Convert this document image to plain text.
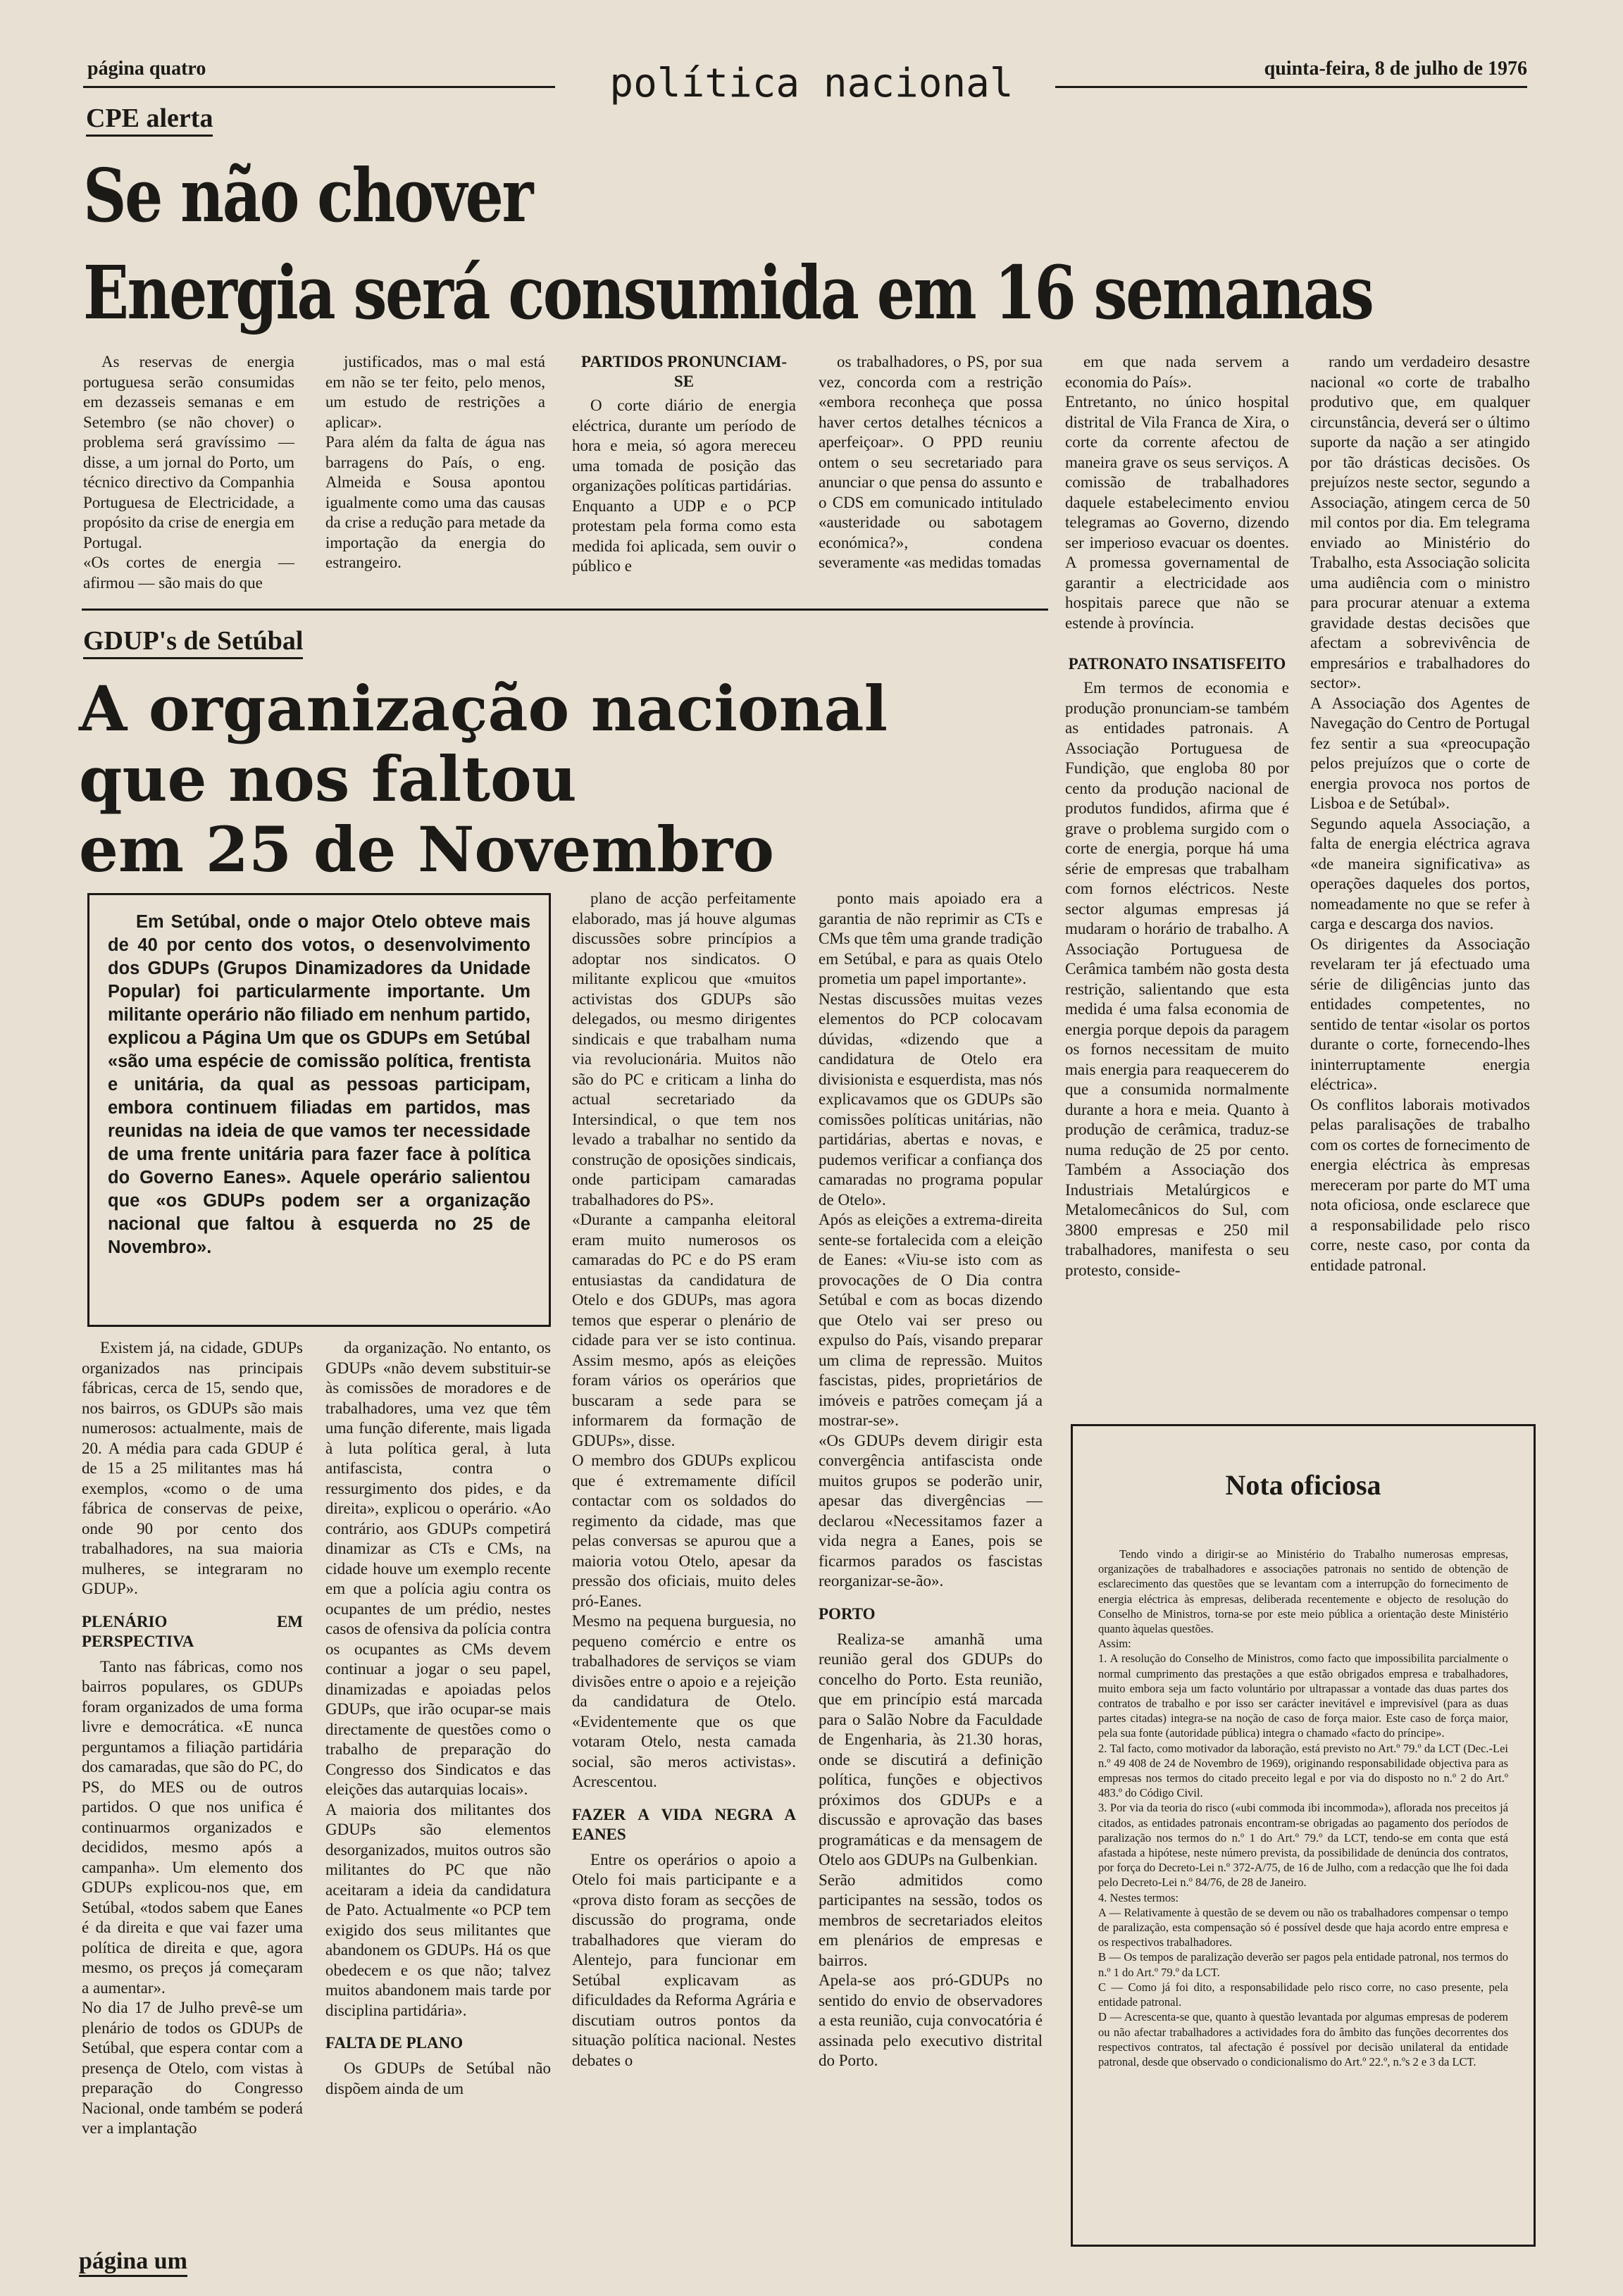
página quatro	política nacional	quinta-feira, 8 de julho de 1976
CPE alerta
Se não chover
Energia será consumida em 16 semanas

As reservas de energia portuguesa serão consumidas em dezasseis semanas e em Setembro (se não chover) o problema será gravíssimo — disse, a um jornal do Porto, um técnico directivo da Companhia Portuguesa de Electricidade, a propósito da crise de energia em Portugal.
«Os cortes de energia — afirmou — são mais do que

justificados, mas o mal está em não se ter feito, pelo menos, um estudo de restrições a aplicar».
Para além da falta de água nas barragens do País, o eng. Almeida e Sousa apontou igualmente como uma das causas da crise a redução para metade da importação da energia do estrangeiro.

PARTIDOS PRONUNCIAM-SE

O corte diário de energia eléctrica, durante um período de hora e meia, só agora mereceu uma tomada de posição das organizações políticas partidárias.
Enquanto a UDP e o PCP protestam pela forma como esta medida foi aplicada, sem ouvir o público e

os trabalhadores, o PS, por sua vez, concorda com a restrição «embora reconheça que possa haver certos detalhes técnicos a aperfeiçoar». O PPD reuniu ontem o seu secretariado para anunciar o que pensa do assunto e o CDS em comunicado intitulado «austeridade ou sabotagem económica?», condena severamente «as medidas tomadas

em que nada servem a economia do País».
Entretanto, no único hospital distrital de Vila Franca de Xira, o corte da corrente afectou de maneira grave os seus serviços. A comissão de trabalhadores daquele estabelecimento enviou telegramas ao Governo, dizendo ser imperioso evacuar os doentes. A promessa governamental de garantir a electricidade aos hospitais parece que não se estende à província.

PATRONATO INSATISFEITO

Em termos de economia e produção pronunciam-se também as entidades patronais. A Associação Portuguesa de Fundição, que engloba 80 por cento da produção nacional de produtos fundidos, afirma que é grave o problema surgido com o corte de energia, porque há uma série de empresas que trabalham com fornos eléctricos. Neste sector algumas empresas já mudaram o horário de trabalho. A Associação Portuguesa de Cerâmica também não gosta desta restrição, salientando que esta medida é uma falsa economia de energia porque depois da paragem os fornos necessitam de muito mais energia para reaquecerem do que a consumida normalmente durante a hora e meia. Quanto à produção de cerâmica, traduz-se numa redução de 25 por cento. Também a Associação dos Industriais Metalúrgicos e Metalomecânicos do Sul, com 3800 empresas e 250 mil trabalhadores, manifesta o seu protesto, conside-

rando um verdadeiro desastre nacional «o corte de trabalho produtivo que, em qualquer circunstância, deverá ser o último suporte da nação a ser atingido por tão drásticas decisões. Os prejuízos neste sector, segundo a Associação, atingem cerca de 50 mil contos por dia. Em telegrama enviado ao Ministério do Trabalho, esta Associação solicita uma audiência com o ministro para procurar atenuar a extema gravidade destas decisões que afectam a sobrevivência de empresários e trabalhadores do sector».
A Associação dos Agentes de Navegação do Centro de Portugal fez sentir a sua «preocupação pelos prejuízos que o corte de energia provoca nos portos de Lisboa e de Setúbal».
Segundo aquela Associação, a falta de energia eléctrica agrava «de maneira significativa» as operações daqueles dos portos, nomeadamente no que se refer à carga e descarga dos navios.
Os dirigentes da Associação revelaram ter já efectuado uma série de diligências junto das entidades competentes, no sentido de tentar «isolar os portos durante o corte, fornecendo-lhes ininterruptamente energia eléctrica».
Os conflitos laborais motivados pelas paralisações de trabalho com os cortes de fornecimento de energia eléctrica às empresas mereceram por parte do MT uma nota oficiosa, onde esclarece que a responsabilidade pelo risco corre, neste caso, por conta da entidade patronal.

GDUP's de Setúbal
A organização nacional
que nos faltou
em 25 de Novembro
Em Setúbal, onde o major Otelo obteve mais de 40 por cento dos votos, o desenvolvimento dos GDUPs (Grupos Dinamizadores da Unidade Popular) foi particularmente importante. Um militante operário não filiado em nenhum partido, explicou a Página Um que os GDUPs em Setúbal «são uma espécie de comissão política, frentista e unitária, da qual as pessoas participam, embora continuem filiadas em partidos, mas reunidas na ideia de que vamos ter necessidade de uma frente unitária para fazer face à política do Governo Eanes». Aquele operário salientou que «os GDUPs podem ser a organização nacional que faltou à esquerda no 25 de Novembro».

Existem já, na cidade, GDUPs organizados nas principais fábricas, cerca de 15, sendo que, nos bairros, os GDUPs são mais numerosos: actualmente, mais de 20. A média para cada GDUP é de 15 a 25 militantes mas há exemplos, «como o de uma fábrica de conservas de peixe, onde 90 por cento dos trabalhadores, na sua maioria mulheres, se integraram no GDUP».

PLENÁRIO EM PERSPECTIVA

Tanto nas fábricas, como nos bairros populares, os GDUPs foram organizados de uma forma livre e democrática. «E nunca perguntamos a filiação partidária dos camaradas, que são do PC, do PS, do MES ou de outros partidos. O que nos unifica é continuarmos organizados e decididos, mesmo após a campanha». Um elemento dos GDUPs explicou-nos que, em Setúbal, «todos sabem que Eanes é da direita e que vai fazer uma política de direita e que, agora mesmo, os preços já começaram a aumentar».
No dia 17 de Julho prevê-se um plenário de todos os GDUPs de Setúbal, que espera contar com a presença de Otelo, com vistas à preparação do Congresso Nacional, onde também se poderá ver a implantação

da organização. No entanto, os GDUPs «não devem substituir-se às comissões de moradores e de trabalhadores, uma vez que têm uma função diferente, mais ligada à luta política geral, à luta antifascista, contra o ressurgimento dos pides, e da direita», explicou o operário. «Ao contrário, aos GDUPs competirá dinamizar as CTs e CMs, na cidade houve um exemplo recente em que a polícia agiu contra os ocupantes de um prédio, nestes casos de ofensiva da polícia contra os ocupantes as CMs devem continuar a jogar o seu papel, dinamizadas e apoiadas pelos GDUPs, que irão ocupar-se mais directamente de questões como o trabalho de preparação do Congresso dos Sindicatos e das eleições das autarquias locais».
A maioria dos militantes dos GDUPs são elementos desorganizados, muitos outros são militantes do PC que não aceitaram a ideia da candidatura de Pato. Actualmente «o PCP tem exigido dos seus militantes que abandonem os GDUPs. Há os que obedecem e os que não; talvez muitos abandonem mais tarde por disciplina partidária».

FALTA DE PLANO

Os GDUPs de Setúbal não dispõem ainda de um

plano de acção perfeitamente elaborado, mas já houve algumas discussões sobre princípios a adoptar nos sindicatos. O militante explicou que «muitos activistas dos GDUPs são delegados, ou mesmo dirigentes sindicais e que trabalham numa via revolucionária. Muitos não são do PC e criticam a linha do actual secretariado da Intersindical, o que tem nos levado a trabalhar no sentido da construção de oposições sindicais, onde participam camaradas trabalhadores do PS».
«Durante a campanha eleitoral eram muito numerosos os camaradas do PC e do PS eram entusiastas da candidatura de Otelo e dos GDUPs, mas agora temos que esperar o plenário de cidade para ver se isto continua. Assim mesmo, após as eleições foram vários os operários que buscaram a sede para se informarem da formação de GDUPs», disse.
O membro dos GDUPs explicou que é extremamente difícil contactar com os soldados do regimento da cidade, mas que pelas conversas se apurou que a maioria votou Otelo, apesar da pressão dos oficiais, muito deles pró-Eanes.
Mesmo na pequena burguesia, no pequeno comércio e entre os trabalhadores de serviços se viam divisões entre o apoio e a rejeição da candidatura de Otelo. «Evidentemente que os que votaram Otelo, nesta camada social, são meros activistas». Acrescentou.

FAZER A VIDA NEGRA A EANES

Entre os operários o apoio a Otelo foi mais participante e a «prova disto foram as secções de discussão do programa, onde trabalhadores que vieram do Alentejo, para funcionar em Setúbal explicavam as dificuldades da Reforma Agrária e discutiam outros pontos da situação política nacional. Nestes debates o

ponto mais apoiado era a garantia de não reprimir as CTs e CMs que têm uma grande tradição em Setúbal, e para as quais Otelo prometia um papel importante».
Nestas discussões muitas vezes elementos do PCP colocavam dúvidas, «dizendo que a candidatura de Otelo era divisionista e esquerdista, mas nós explicavamos que os GDUPs são comissões políticas unitárias, não partidárias, abertas e novas, e pudemos verificar a confiança dos camaradas no programa popular de Otelo».
Após as eleições a extrema-direita sente-se fortalecida com a eleição de Eanes: «Viu-se isto com as provocações de O Dia contra Setúbal e com as bocas dizendo que Otelo vai ser preso ou expulso do País, visando preparar um clima de repressão. Muitos fascistas, pides, proprietários de imóveis e patrões começam já a mostrar-se».
«Os GDUPs devem dirigir esta convergência antifascista onde muitos grupos se poderão unir, apesar das divergências — declarou «Necessitamos fazer a vida negra a Eanes, pois se ficarmos parados os fascistas reorganizar-se-ão».

PORTO

Realiza-se amanhã uma reunião geral dos GDUPs do concelho do Porto. Esta reunião, que em princípio está marcada para o Salão Nobre da Faculdade de Engenharia, às 21.30 horas, onde se discutirá a definição política, funções e objectivos próximos dos GDUPs e a discussão e aprovação das bases programáticas e da mensagem de Otelo aos GDUPs na Gulbenkian.
Serão admitidos como participantes na sessão, todos os membros de secretariados eleitos em plenários de empresas e bairros.
Apela-se aos pró-GDUPs no sentido do envio de observadores a esta reunião, cuja convocatória é assinada pelo executivo distrital do Porto.

Nota oficiosa

Tendo vindo a dirigir-se ao Ministério do Trabalho numerosas empresas, organizações de trabalhadores e associações patronais no sentido de obtenção de esclarecimento das questões que se levantam com a interrupção do fornecimento de energia eléctrica às empresas, deliberada recentemente e objecto de resolução do Conselho de Ministros, torna-se por este meio pública a orientação deste Ministério quanto àquelas questões.
Assim:
1. A resolução do Conselho de Ministros, como facto que impossibilita parcialmente o normal cumprimento das prestações a que estão obrigados empresa e trabalhadores, muito embora seja um facto voluntário por ultrapassar a vontade das duas partes dos contratos de trabalho e por isso ser carácter inevitável e imprevisível (para as duas partes citadas) integra-se na noção de caso de força maior. Este caso de força maior, pela sua fonte (autoridade pública) integra o chamado «facto do príncipe».
2. Tal facto, como motivador da laboração, está previsto no Art.º 79.º da LCT (Dec.-Lei n.º 49 408 de 24 de Novembro de 1969), originando responsabilidade objectiva para as empresas nos termos do citado preceito legal e por via do disposto no n.º 2 do Art.º 483.º do Código Civil.
3. Por via da teoria do risco («ubi commoda ibi incommoda»), aflorada nos preceitos já citados, as entidades patronais encontram-se obrigadas ao pagamento dos períodos de paralização nos termos do n.º 1 do Art.º 79.º da LCT, tendo-se em conta que está afastada a hipótese, neste número prevista, da possibilidade de denúncia dos contratos, por força do Decreto-Lei n.º 372-A/75, de 16 de Julho, com a redacção que lhe foi dada pelo Decreto-Lei n.º 84/76, de 28 de Janeiro.
4. Nestes termos:
A — Relativamente à questão de se devem ou não os trabalhadores compensar o tempo de paralização, esta compensação só é possível desde que haja acordo entre empresa e os respectivos trabalhadores.
B — Os tempos de paralização deverão ser pagos pela entidade patronal, nos termos do n.º 1 do Art.º 79.º da LCT.
C — Como já foi dito, a responsabilidade pelo risco corre, no caso presente, pela entidade patronal.
D — Acrescenta-se que, quanto à questão levantada por algumas empresas de poderem ou não afectar trabalhadores a actividades fora do âmbito das funções decorrentes dos respectivos contratos, tal afectação é possível por decisão unilateral da entidade patronal, desde que observado o condicionalismo do Art.º 22.º, n.ºs 2 e 3 da LCT.

página um
